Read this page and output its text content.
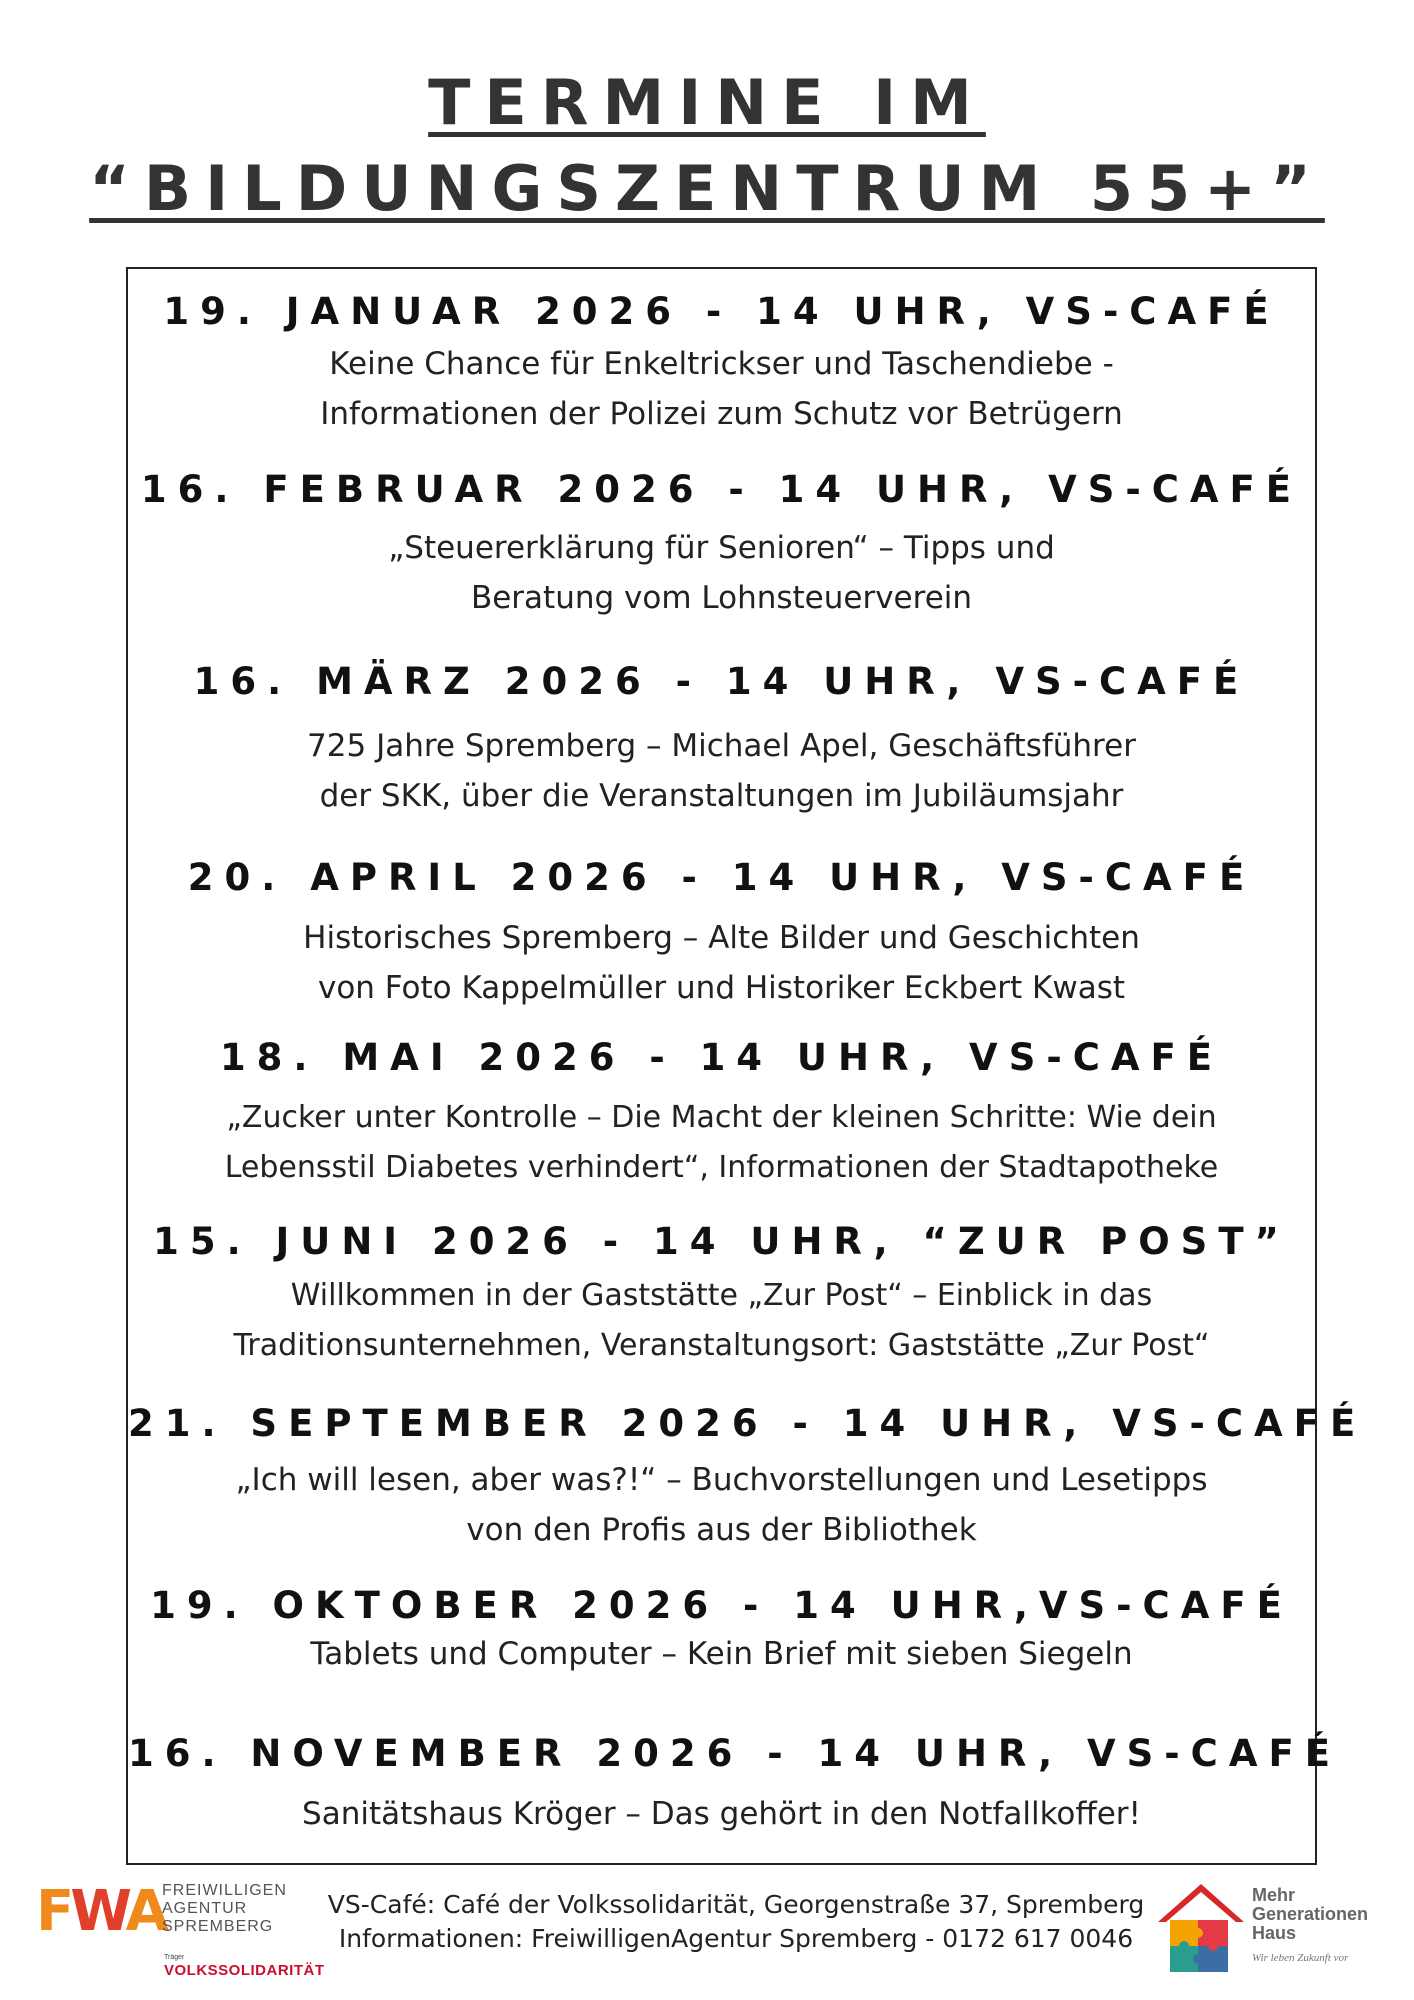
TERMINE IM
“BILDUNGSZENTRUM 55+”
19. JANUAR 2026 - 14 UHR, VS-CAFÉ
Keine Chance für Enkeltrickser und Taschendiebe -
Informationen der Polizei zum Schutz vor Betrügern
16. FEBRUAR 2026 - 14 UHR, VS-CAFÉ
„Steuererklärung für Senioren“ – Tipps und
Beratung vom Lohnsteuerverein
16. MÄRZ 2026 - 14 UHR, VS-CAFÉ
725 Jahre Spremberg – Michael Apel, Geschäftsführer
der SKK, über die Veranstaltungen im Jubiläumsjahr
20. APRIL 2026 - 14 UHR, VS-CAFÉ
Historisches Spremberg – Alte Bilder und Geschichten
von Foto Kappelmüller und Historiker Eckbert Kwast
18. MAI 2026 - 14 UHR, VS-CAFÉ
„Zucker unter Kontrolle – Die Macht der kleinen Schritte: Wie dein
Lebensstil Diabetes verhindert“, Informationen der Stadtapotheke
15. JUNI 2026 - 14 UHR, “ZUR POST”
Willkommen in der Gaststätte „Zur Post“ – Einblick in das
Traditionsunternehmen, Veranstaltungsort: Gaststätte „Zur Post“
21. SEPTEMBER 2026 - 14 UHR, VS-CAFÉ
„Ich will lesen, aber was?!“ – Buchvorstellungen und Lesetipps
von den Profis aus der Bibliothek
19. OKTOBER 2026 - 14 UHR,VS-CAFÉ
Tablets und Computer – Kein Brief mit sieben Siegeln
16. NOVEMBER 2026 - 14 UHR, VS-CAFÉ
Sanitätshaus Kröger – Das gehört in den Notfallkoffer!
FWA
FREIWILLIGEN
AGENTUR
SPREMBERG
Träger
VOLKSSOLIDARITÄT
VS-Café: Café der Volkssolidarität, Georgenstraße 37, Spremberg
Informationen: FreiwilligenAgentur Spremberg - 0172 617 0046
Mehr
Generationen
Haus
Wir leben Zukunft vor
